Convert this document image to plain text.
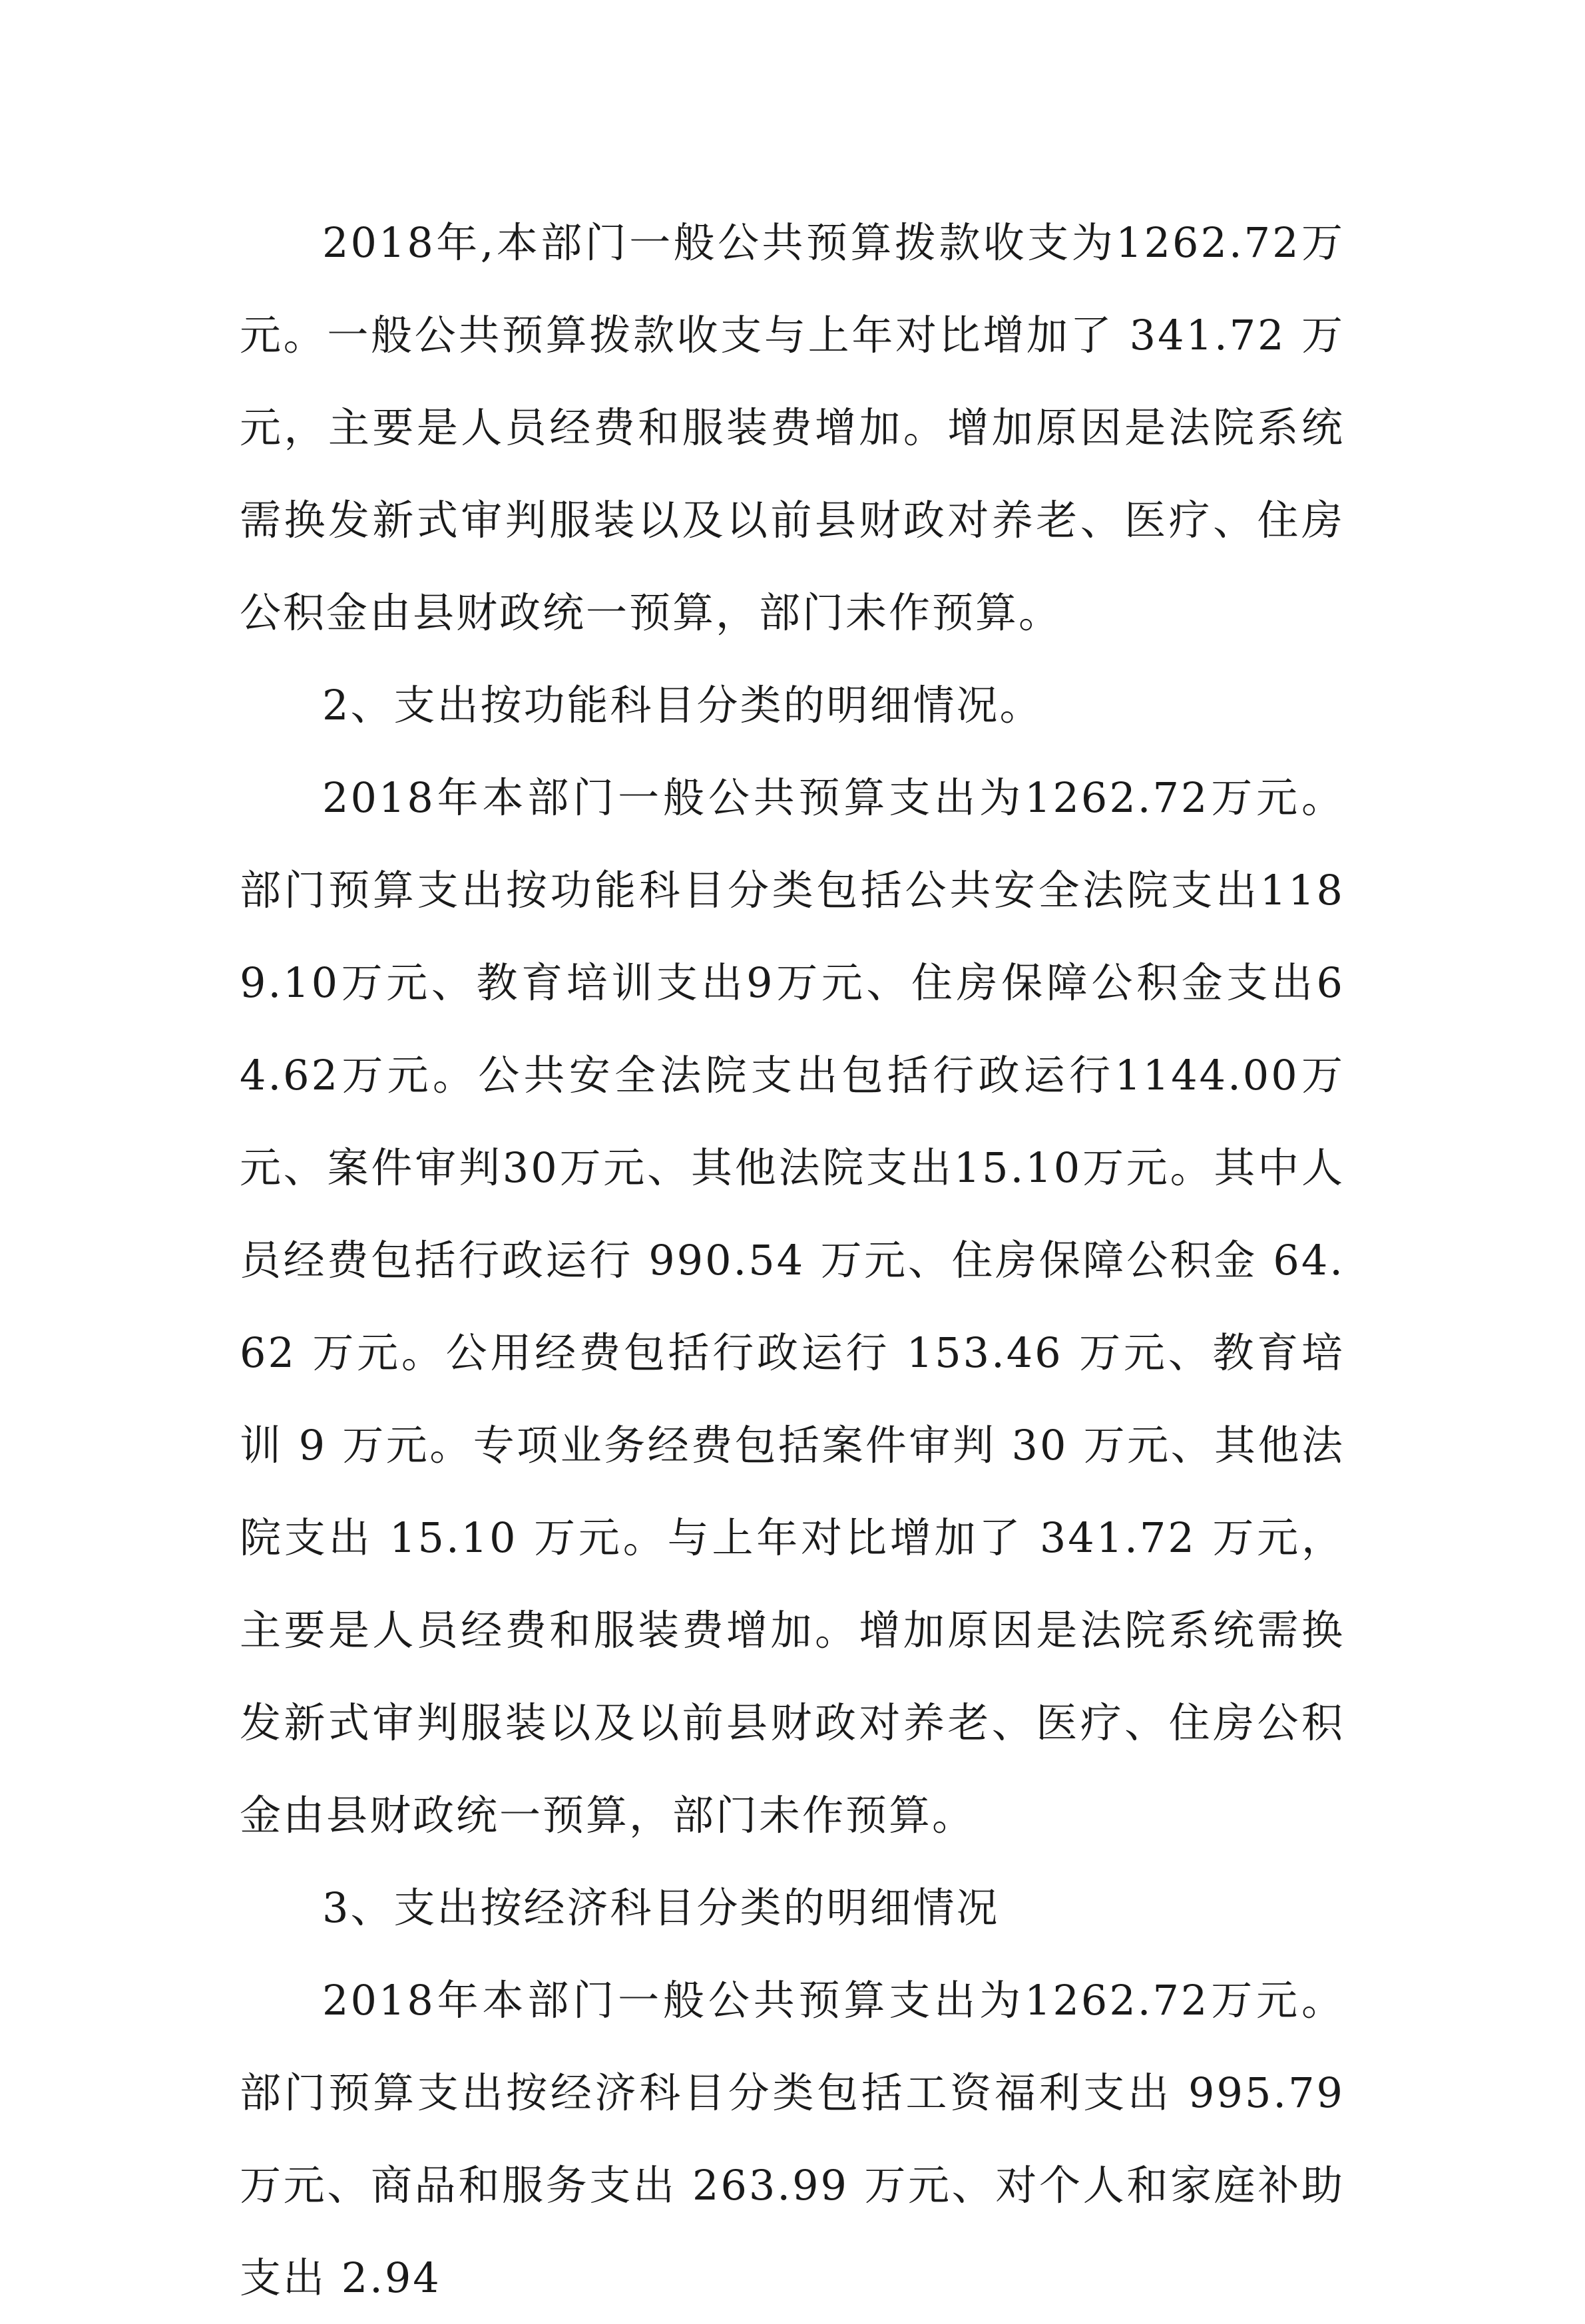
2018年,本部门一般公共预算拨款收支为1262.72万元。一般公共预算拨款收支与上年对比增加了 341.72 万元，主要是人员经费和服装费增加。增加原因是法院系统需换发新式审判服装以及以前县财政对养老、医疗、住房公积金由县财政统一预算，部门未作预算。

2、支出按功能科目分类的明细情况。

2018年本部门一般公共预算支出为1262.72万元。部门预算支出按功能科目分类包括公共安全法院支出1189.10万元、教育培训支出9万元、住房保障公积金支出64.62万元。公共安全法院支出包括行政运行1144.00万元、案件审判30万元、其他法院支出15.10万元。其中人员经费包括行政运行 990.54 万元、住房保障公积金 64.62 万元。公用经费包括行政运行 153.46 万元、教育培训 9 万元。专项业务经费包括案件审判 30 万元、其他法院支出 15.10 万元。与上年对比增加了 341.72 万元，主要是人员经费和服装费增加。增加原因是法院系统需换发新式审判服装以及以前县财政对养老、医疗、住房公积金由县财政统一预算，部门未作预算。

3、支出按经济科目分类的明细情况

2018年本部门一般公共预算支出为1262.72万元。部门预算支出按经济科目分类包括工资福利支出 995.79 万元、商品和服务支出 263.99 万元、对个人和家庭补助支出 2.94
